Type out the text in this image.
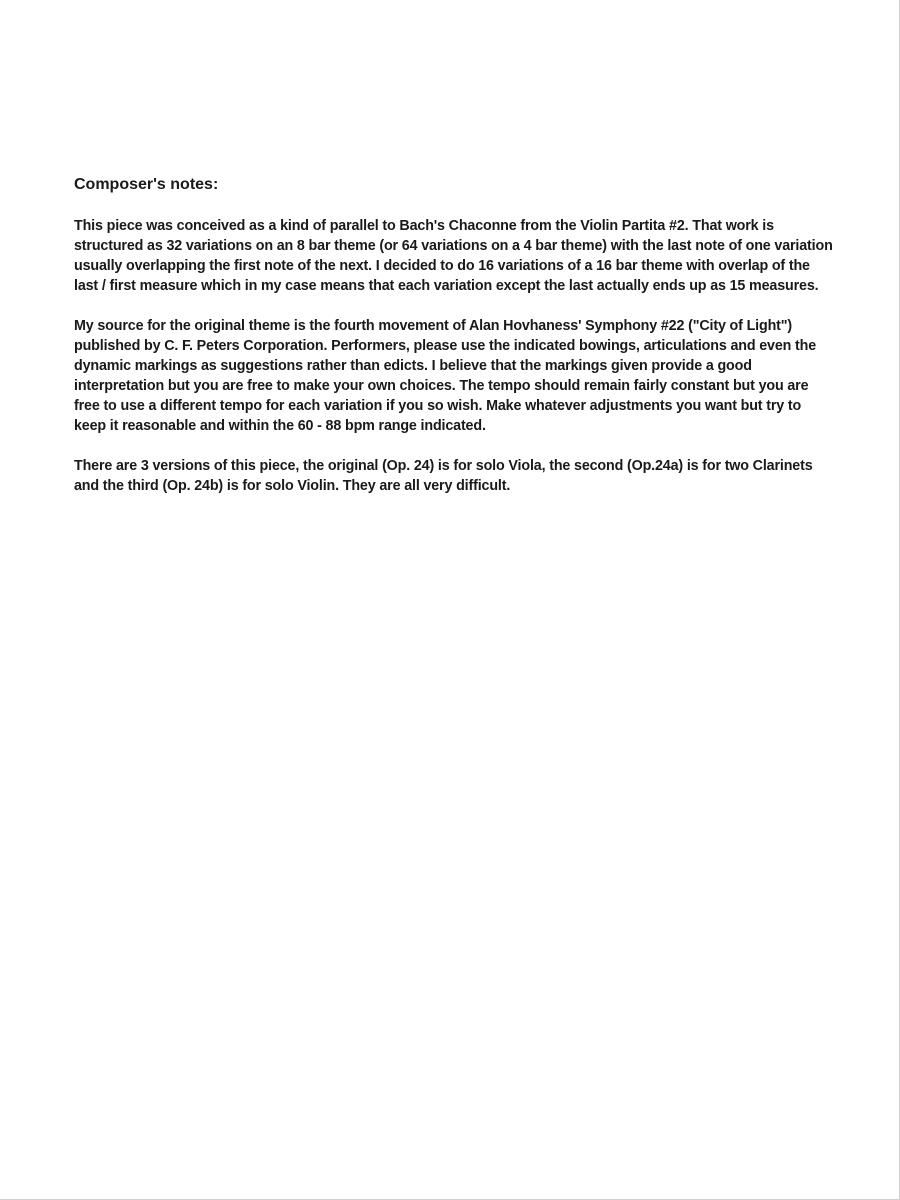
Composer's notes:

This piece was conceived as a kind of parallel to Bach's Chaconne from the Violin Partita #2. That work is structured as 32 variations on an 8 bar theme (or 64 variations on a 4 bar theme) with the last note of one variation usually overlapping the first note of the next. I decided to do 16 variations of a 16 bar theme with overlap of the last / first measure which in my case means that each variation except the last actually ends up as 15 measures.

My source for the original theme is the fourth movement of Alan Hovhaness' Symphony #22 ("City of Light") published by C. F. Peters Corporation. Performers, please use the indicated bowings, articulations and even the dynamic markings as suggestions rather than edicts. I believe that the markings given provide a good interpretation but you are free to make your own choices. The tempo should remain fairly constant but you are free to use a different tempo for each variation if you so wish. Make whatever adjustments you want but try to keep it reasonable and within the 60 - 88 bpm range indicated.

There are 3 versions of this piece, the original (Op. 24) is for solo Viola, the second (Op.24a) is for two Clarinets and the third (Op. 24b) is for solo Violin. They are all very difficult.
